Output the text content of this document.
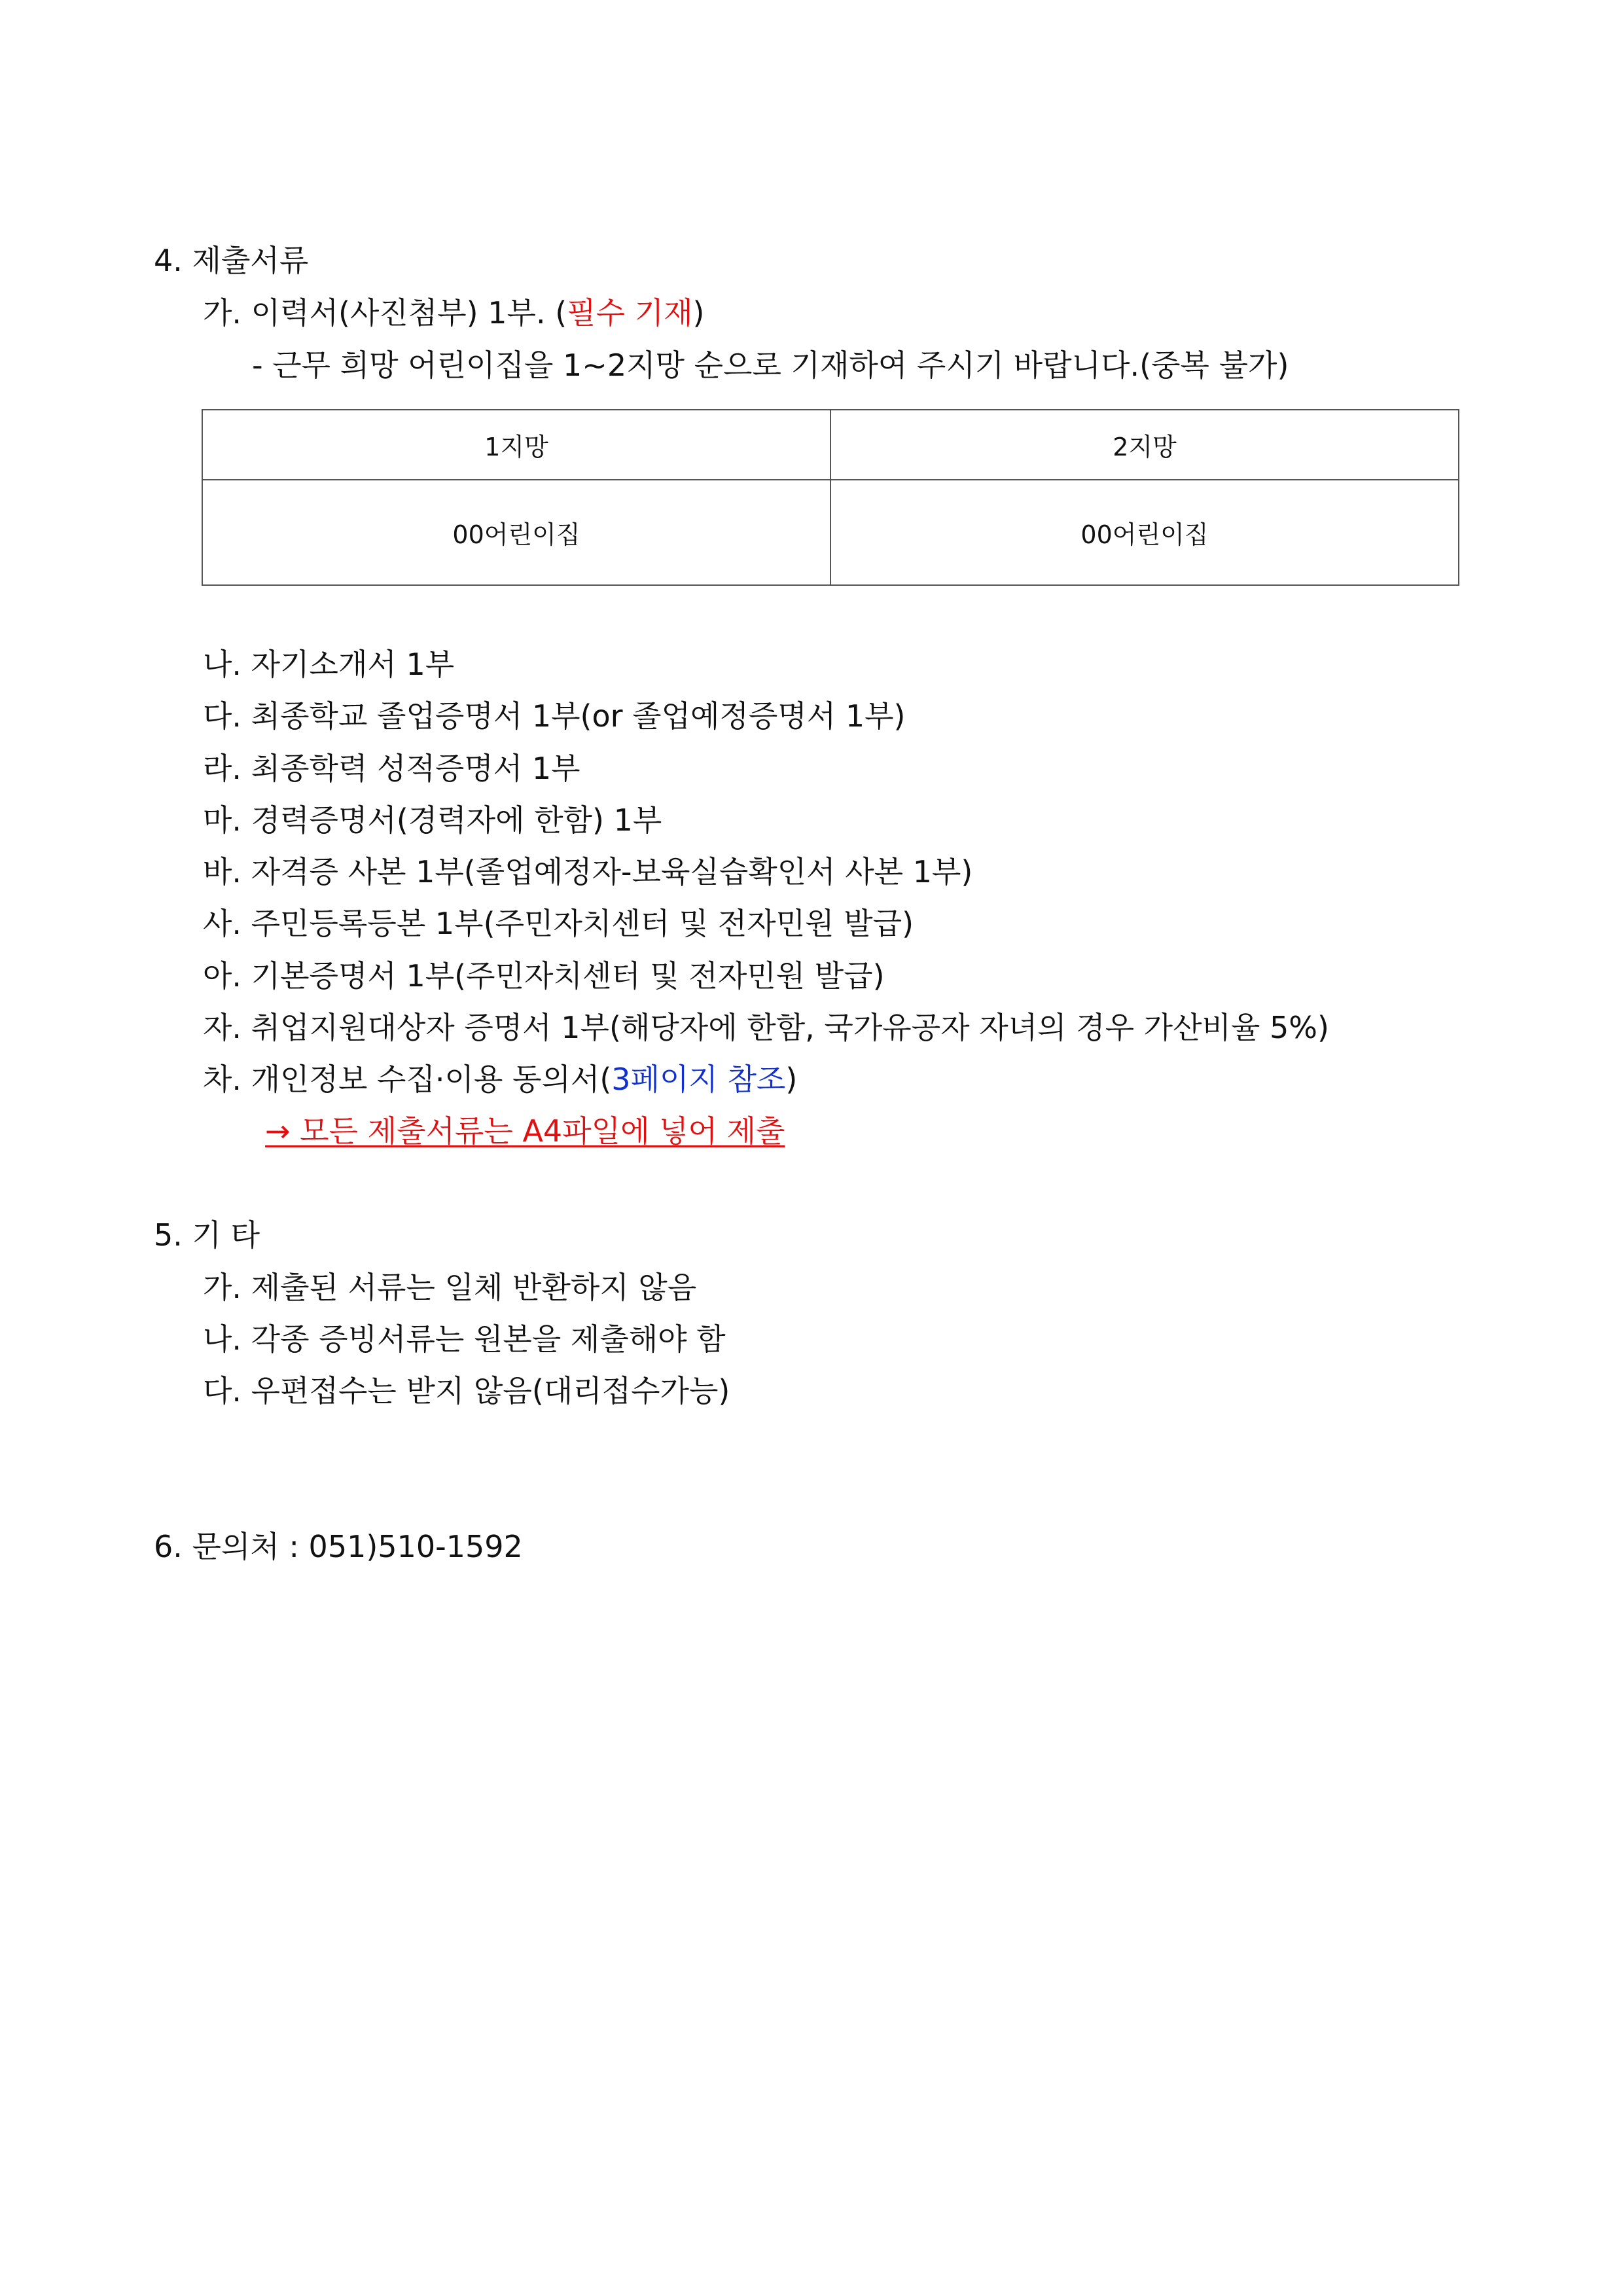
4. 제출서류
가. 이력서(사진첨부) 1부. (필수 기재)
- 근무 희망 어린이집을 1~2지망 순으로 기재하여 주시기 바랍니다.(중복 불가)
1지망	2지망
00어린이집	00어린이집
나. 자기소개서 1부
다. 최종학교 졸업증명서 1부(or 졸업예정증명서 1부)
라. 최종학력 성적증명서 1부
마. 경력증명서(경력자에 한함) 1부
바. 자격증 사본 1부(졸업예정자-보육실습확인서 사본 1부)
사. 주민등록등본 1부(주민자치센터 및 전자민원 발급)
아. 기본증명서 1부(주민자치센터 및 전자민원 발급)
자. 취업지원대상자 증명서 1부(해당자에 한함, 국가유공자 자녀의 경우 가산비율 5%)
차. 개인정보 수집·이용 동의서(3페이지 참조)
→ 모든 제출서류는 A4파일에 넣어 제출
5. 기 타
가. 제출된 서류는 일체 반환하지 않음
나. 각종 증빙서류는 원본을 제출해야 함
다. 우편접수는 받지 않음(대리접수가능)
6. 문의처 : 051)510-1592
